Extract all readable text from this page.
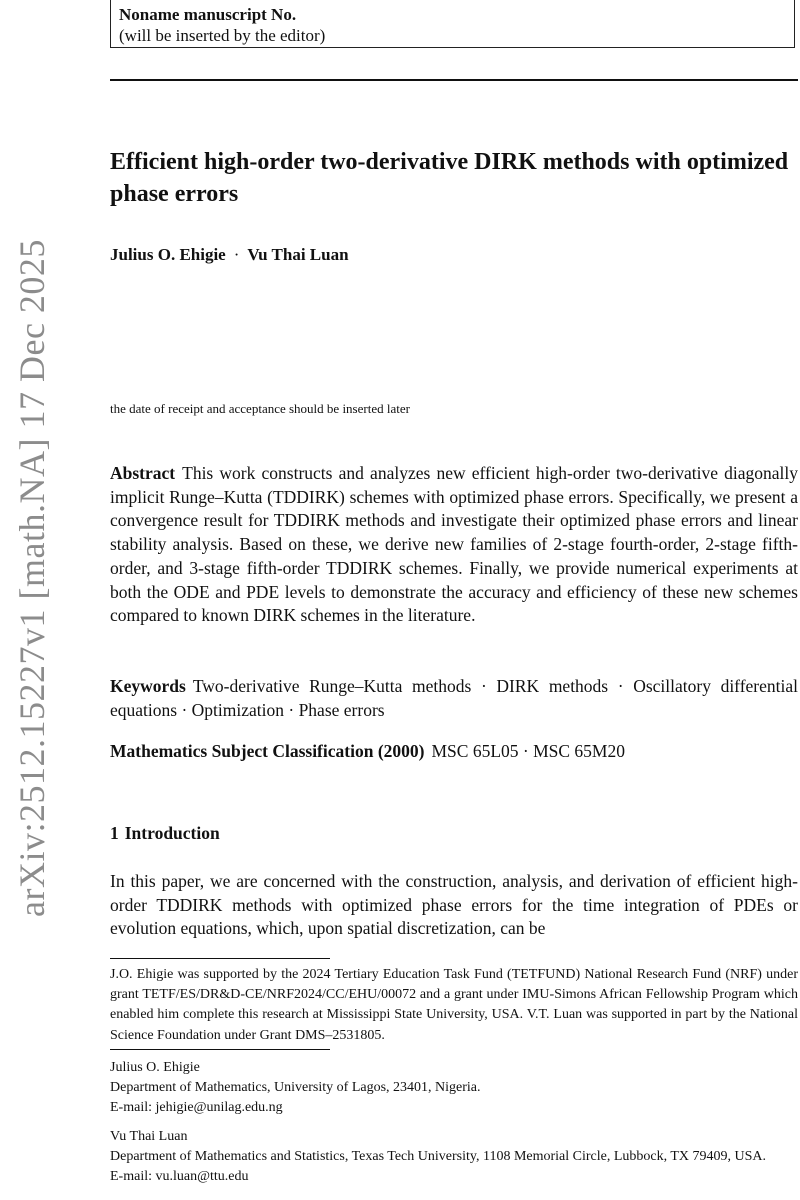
arXiv:2512.15227v1 [math.NA] 17 Dec 2025
Noname manuscript No.
(will be inserted by the editor)
Efficient high-order two-derivative DIRK methods with optimized phase errors
Julius O. Ehigie · Vu Thai Luan
the date of receipt and acceptance should be inserted later
Abstract This work constructs and analyzes new efficient high-order two-derivative diagonally implicit Runge–Kutta (TDDIRK) schemes with optimized phase errors. Specifically, we present a convergence result for TDDIRK methods and investigate their optimized phase errors and linear stability analysis. Based on these, we derive new families of 2-stage fourth-order, 2-stage fifth-order, and 3-stage fifth-order TDDIRK schemes. Finally, we provide numerical experiments at both the ODE and PDE levels to demonstrate the accuracy and efficiency of these new schemes compared to known DIRK schemes in the literature.
Keywords Two-derivative Runge–Kutta methods · DIRK methods · Oscillatory differential equations · Optimization · Phase errors
Mathematics Subject Classification (2000) MSC 65L05 · MSC 65M20
1 Introduction
In this paper, we are concerned with the construction, analysis, and derivation of efficient high-order TDDIRK methods with optimized phase errors for the time integration of PDEs or evolution equations, which, upon spatial discretization, can be
J.O. Ehigie was supported by the 2024 Tertiary Education Task Fund (TETFUND) National Research Fund (NRF) under grant TETF/ES/DR&D-CE/NRF2024/CC/EHU/00072 and a grant under IMU-Simons African Fellowship Program which enabled him complete this research at Mississippi State University, USA. V.T. Luan was supported in part by the National Science Foundation under Grant DMS–2531805.

Julius O. Ehigie

Department of Mathematics, University of Lagos, 23401, Nigeria.

E-mail: jehigie@unilag.edu.ng

Vu Thai Luan

Department of Mathematics and Statistics, Texas Tech University, 1108 Memorial Circle, Lubbock, TX 79409, USA.

E-mail: vu.luan@ttu.edu
